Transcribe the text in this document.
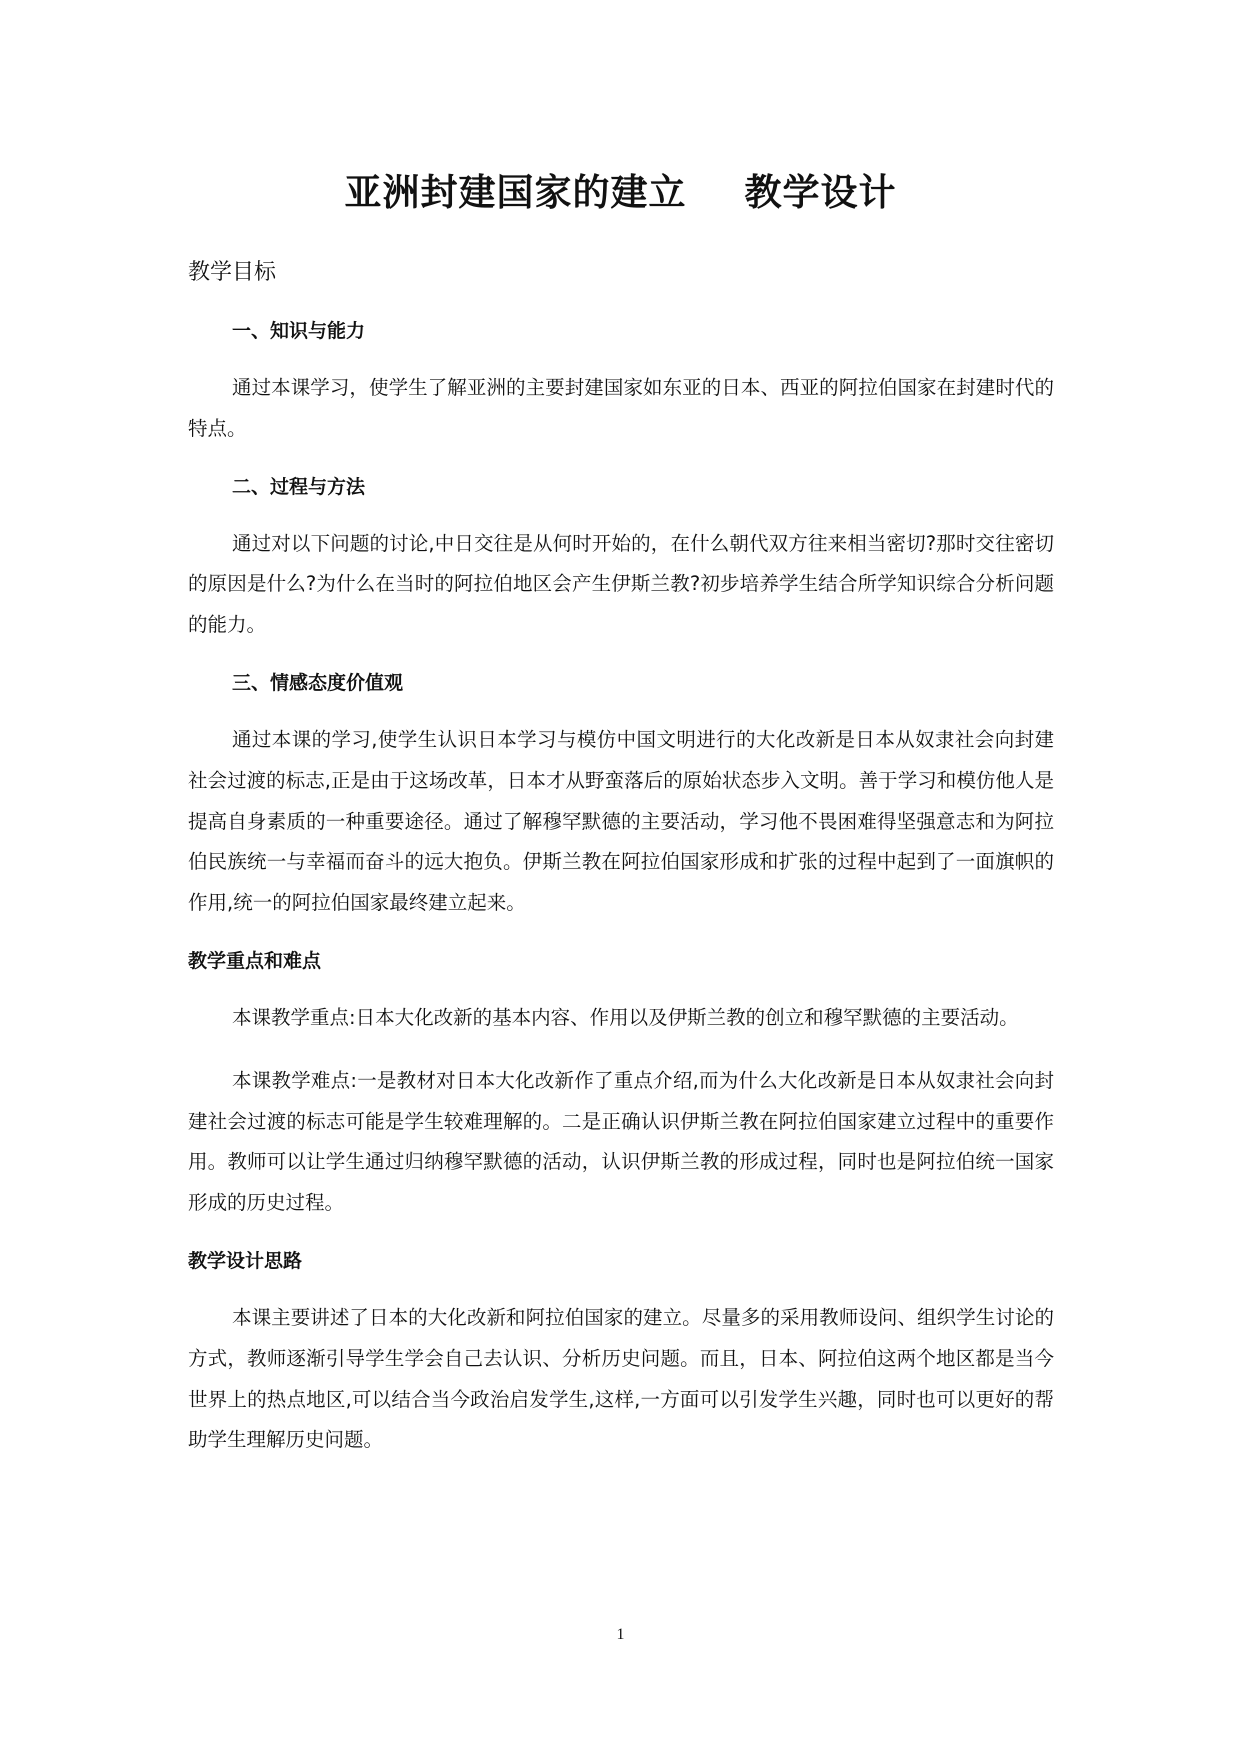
亚洲封建国家的建立 教学设计
教学目标
一、知识与能力

通过本课学习，使学生了解亚洲的主要封建国家如东亚的日本、西亚的阿拉伯国家在封建时代的特点。

二、过程与方法

通过对以下问题的讨论,中日交往是从何时开始的，在什么朝代双方往来相当密切?那时交往密切的原因是什么?为什么在当时的阿拉伯地区会产生伊斯兰教?初步培养学生结合所学知识综合分析问题的能力。

三、情感态度价值观

通过本课的学习,使学生认识日本学习与模仿中国文明进行的大化改新是日本从奴隶社会向封建社会过渡的标志,正是由于这场改革，日本才从野蛮落后的原始状态步入文明。善于学习和模仿他人是提高自身素质的一种重要途径。通过了解穆罕默德的主要活动，学习他不畏困难得坚强意志和为阿拉伯民族统一与幸福而奋斗的远大抱负。伊斯兰教在阿拉伯国家形成和扩张的过程中起到了一面旗帜的作用,统一的阿拉伯国家最终建立起来。

教学重点和难点

本课教学重点:日本大化改新的基本内容、作用以及伊斯兰教的创立和穆罕默德的主要活动。

本课教学难点:一是教材对日本大化改新作了重点介绍,而为什么大化改新是日本从奴隶社会向封建社会过渡的标志可能是学生较难理解的。二是正确认识伊斯兰教在阿拉伯国家建立过程中的重要作用。教师可以让学生通过归纳穆罕默德的活动，认识伊斯兰教的形成过程，同时也是阿拉伯统一国家形成的历史过程。

教学设计思路

本课主要讲述了日本的大化改新和阿拉伯国家的建立。尽量多的采用教师设问、组织学生讨论的方式，教师逐渐引导学生学会自己去认识、分析历史问题。而且，日本、阿拉伯这两个地区都是当今世界上的热点地区,可以结合当今政治启发学生,这样,一方面可以引发学生兴趣，同时也可以更好的帮助学生理解历史问题。

1
